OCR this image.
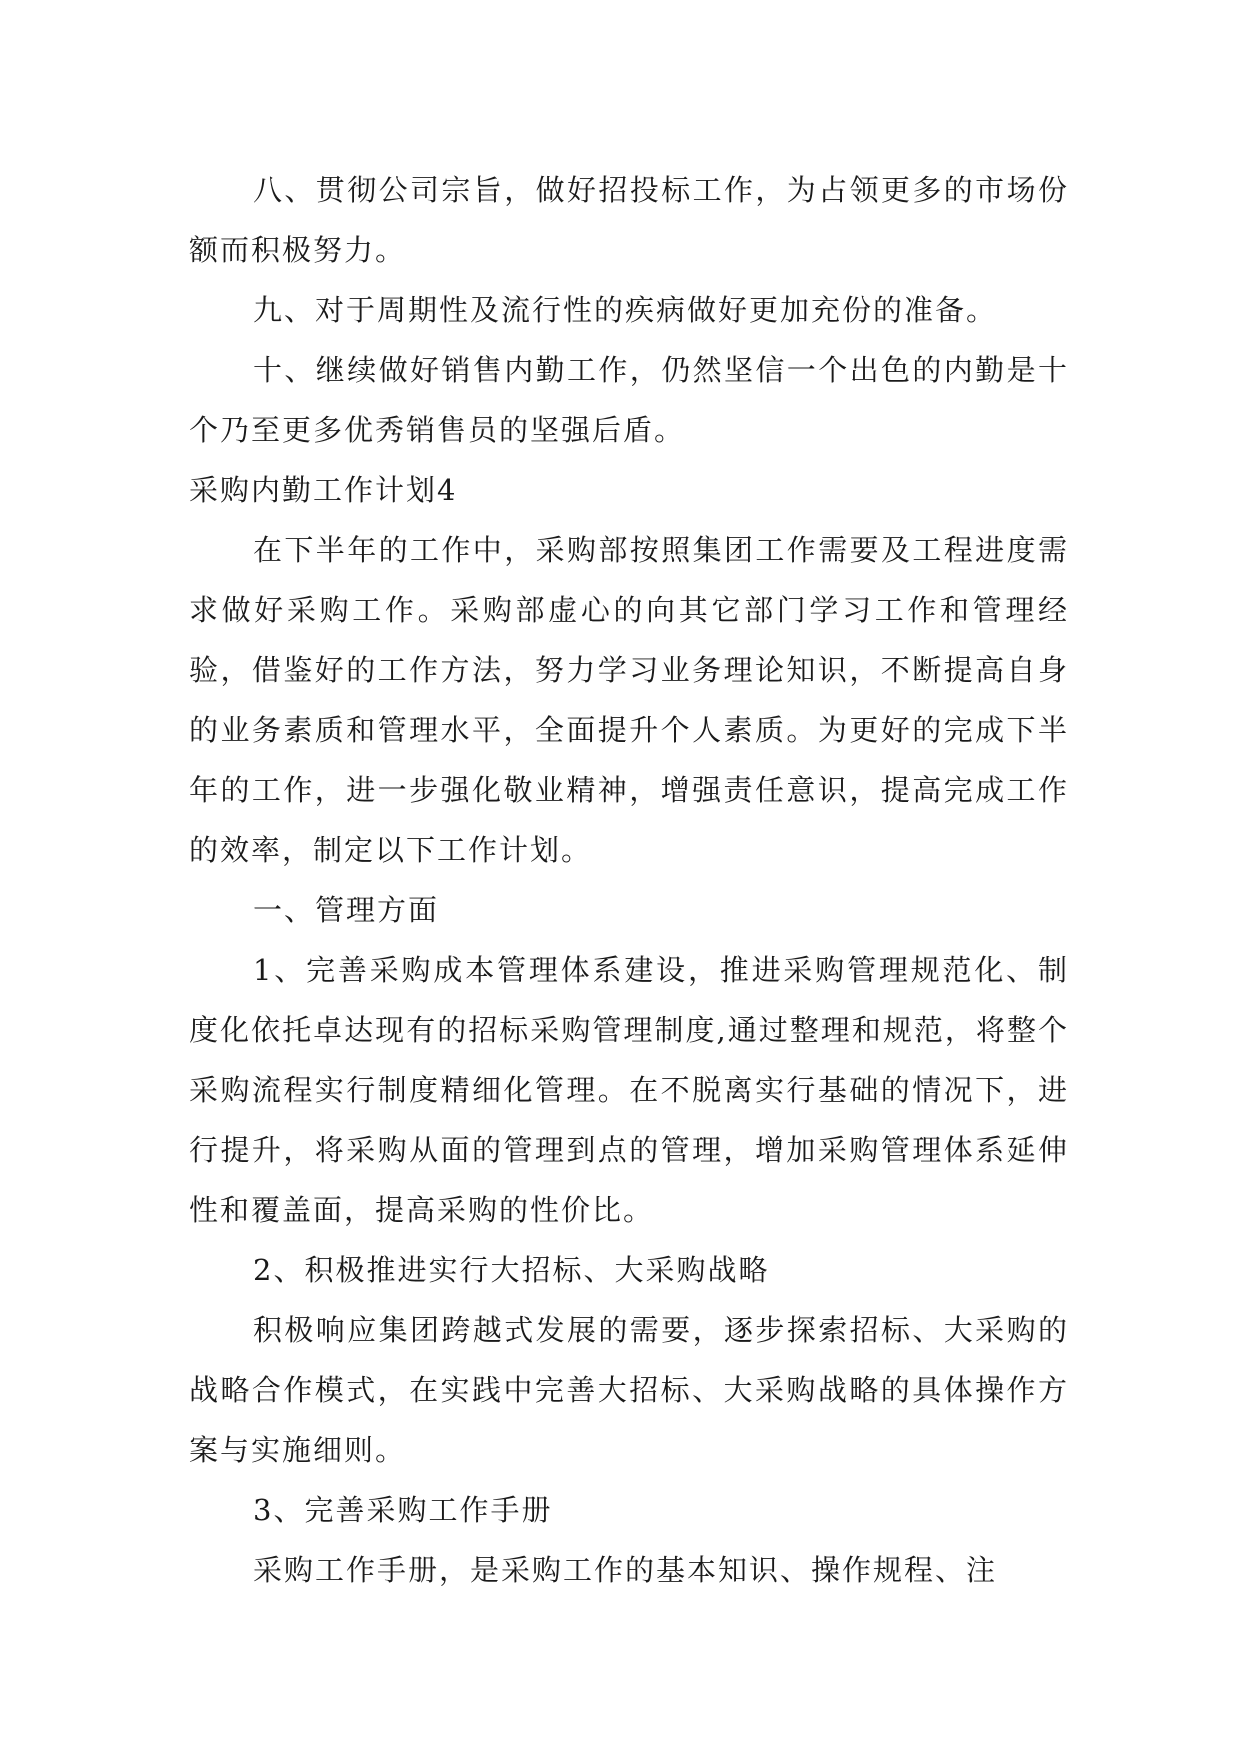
八、贯彻公司宗旨，做好招投标工作，为占领更多的市场份额而积极努力。

九、对于周期性及流行性的疾病做好更加充份的准备。

十、继续做好销售内勤工作，仍然坚信一个出色的内勤是十个乃至更多优秀销售员的坚强后盾。

采购内勤工作计划4

在下半年的工作中，采购部按照集团工作需要及工程进度需求做好采购工作。采购部虚心的向其它部门学习工作和管理经验，借鉴好的工作方法，努力学习业务理论知识，不断提高自身的业务素质和管理水平，全面提升个人素质。为更好的完成下半年的工作，进一步强化敬业精神，增强责任意识，提高完成工作的效率，制定以下工作计划。

一、管理方面

1、完善采购成本管理体系建设，推进采购管理规范化、制度化依托卓达现有的招标采购管理制度,通过整理和规范，将整个采购流程实行制度精细化管理。在不脱离实行基础的情况下，进行提升，将采购从面的管理到点的管理，增加采购管理体系延伸性和覆盖面，提高采购的性价比。

2、积极推进实行大招标、大采购战略

积极响应集团跨越式发展的需要，逐步探索招标、大采购的战略合作模式，在实践中完善大招标、大采购战略的具体操作方案与实施细则。

3、完善采购工作手册

采购工作手册，是采购工作的基本知识、操作规程、注
